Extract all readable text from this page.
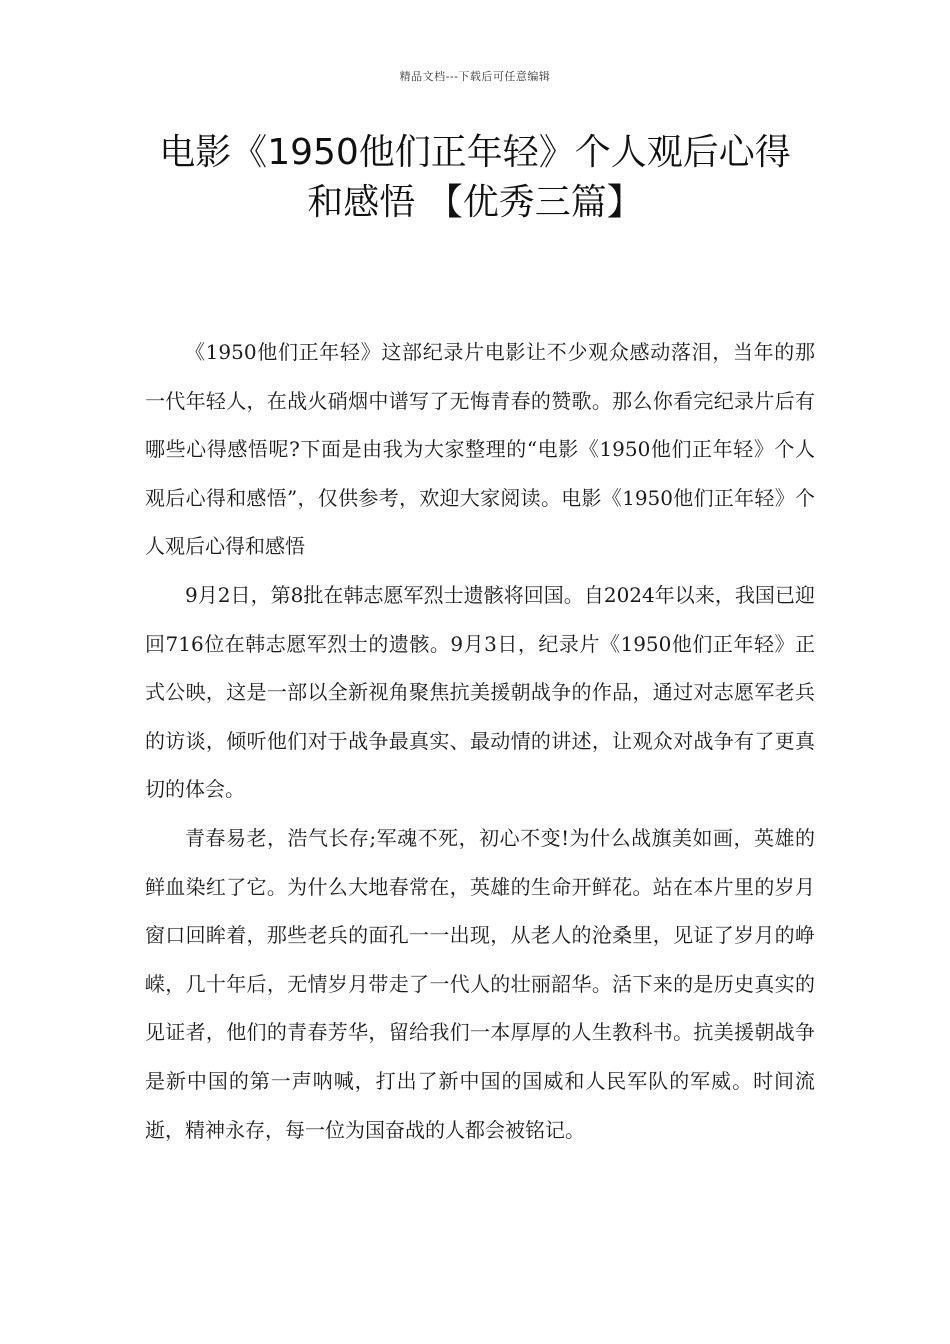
精品文档---下载后可任意编辑
电影《1950他们正年轻》个人观后心得
和感悟 【优秀三篇】

《1950他们正年轻》这部纪录片电影让不少观众感动落泪，当年的那一代年轻人，在战火硝烟中谱写了无悔青春的赞歌。那么你看完纪录片后有哪些心得感悟呢?下面是由我为大家整理的“电影《1950他们正年轻》个人观后心得和感悟”，仅供参考，欢迎大家阅读。电影《1950他们正年轻》个人观后心得和感悟

9月2日，第8批在韩志愿军烈士遗骸将回国。自2024年以来，我国已迎回716位在韩志愿军烈士的遗骸。9月3日，纪录片《1950他们正年轻》正式公映，这是一部以全新视角聚焦抗美援朝战争的作品，通过对志愿军老兵的访谈，倾听他们对于战争最真实、最动情的讲述，让观众对战争有了更真切的体会。

青春易老，浩气长存;军魂不死，初心不变!为什么战旗美如画，英雄的鲜血染红了它。为什么大地春常在，英雄的生命开鲜花。站在本片里的岁月窗口回眸着，那些老兵的面孔一一出现，从老人的沧桑里，见证了岁月的峥嵘，几十年后，无情岁月带走了一代人的壮丽韶华。活下来的是历史真实的见证者，他们的青春芳华，留给我们一本厚厚的人生教科书。抗美援朝战争是新中国的第一声呐喊，打出了新中国的国威和人民军队的军威。时间流逝，精神永存，每一位为国奋战的人都会被铭记。
